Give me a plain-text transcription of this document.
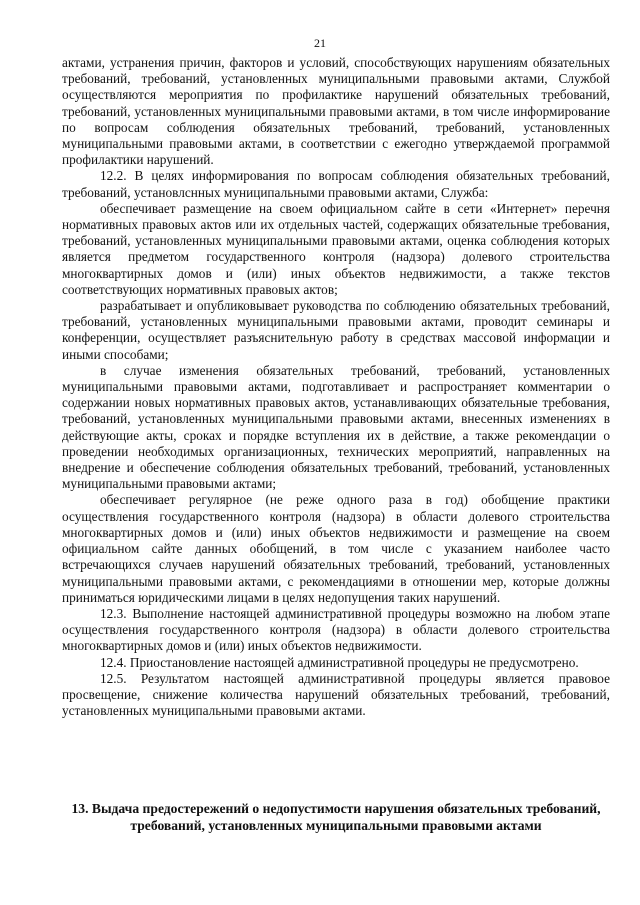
21

актами, устранения причин, факторов и условий, способствующих нарушениям обязательных требований, требований, установленных муниципальными правовыми актами, Службой осуществляются мероприятия по профилактике нарушений обязательных требований, требований, установленных муниципальными правовыми актами, в том числе информирование по вопросам соблюдения обязательных требований, требований, установленных муниципальными правовыми актами, в соответствии с ежегодно утверждаемой программой профилактики нарушений.

12.2. В целях информирования по вопросам соблюдения обязательных требований, требований, установлснных муниципальными правовыми актами, Служба:

обеспечивает размещение на своем официальном сайте в сети «Интернет» перечня нормативных правовых актов или их отдельных частей, содержащих обязательные требования, требований, установленных муниципальными правовыми актами, оценка соблюдения которых является предметом государственного контроля (надзора) долевого строительства многоквартирных домов и (или) иных объектов недвижимости, а также текстов соответствующих нормативных правовых актов;

разрабатывает и опубликовывает руководства по соблюдению обязательных требований, требований, установленных муниципальными правовыми актами, проводит семинары и конференции, осуществляет разъяснительную работу в средствах массовой информации и иными способами;

в случае изменения обязательных требований, требований, установленных муниципальными правовыми актами, подготавливает и распространяет комментарии о содержании новых нормативных правовых актов, устанавливающих обязательные требования, требований, установленных муниципальными правовыми актами, внесенных изменениях в действующие акты, сроках и порядке вступления их в действие, а также рекомендации о проведении необходимых организационных, технических мероприятий, направленных на внедрение и обеспечение соблюдения обязательных требований, требований, установленных муниципальными правовыми актами;

обеспечивает регулярное (не реже одного раза в год) обобщение практики осуществления государственного контроля (надзора) в области долевого строительства многоквартирных домов и (или) иных объектов недвижимости и размещение на своем официальном сайте данных обобщений, в том числе с указанием наиболее часто встречающихся случаев нарушений обязательных требований, требований, установленных муниципальными правовыми актами, с рекомендациями в отношении мер, которые должны приниматься юридическими лицами в целях недопущения таких нарушений.

12.3. Выполнение настоящей административной процедуры возможно на любом этапе осуществления государственного контроля (надзора) в области долевого строительства многоквартирных домов и (или) иных объектов недвижимости.

12.4. Приостановление настоящей административной процедуры не предусмотрено.

12.5. Результатом настоящей административной процедуры является правовое просвещение, снижение количества нарушений обязательных требований, требований, установленных муниципальными правовыми актами.

13. Выдача предостережений о недопустимости нарушения обязательных требований, требований, установленных муниципальными правовыми актами
